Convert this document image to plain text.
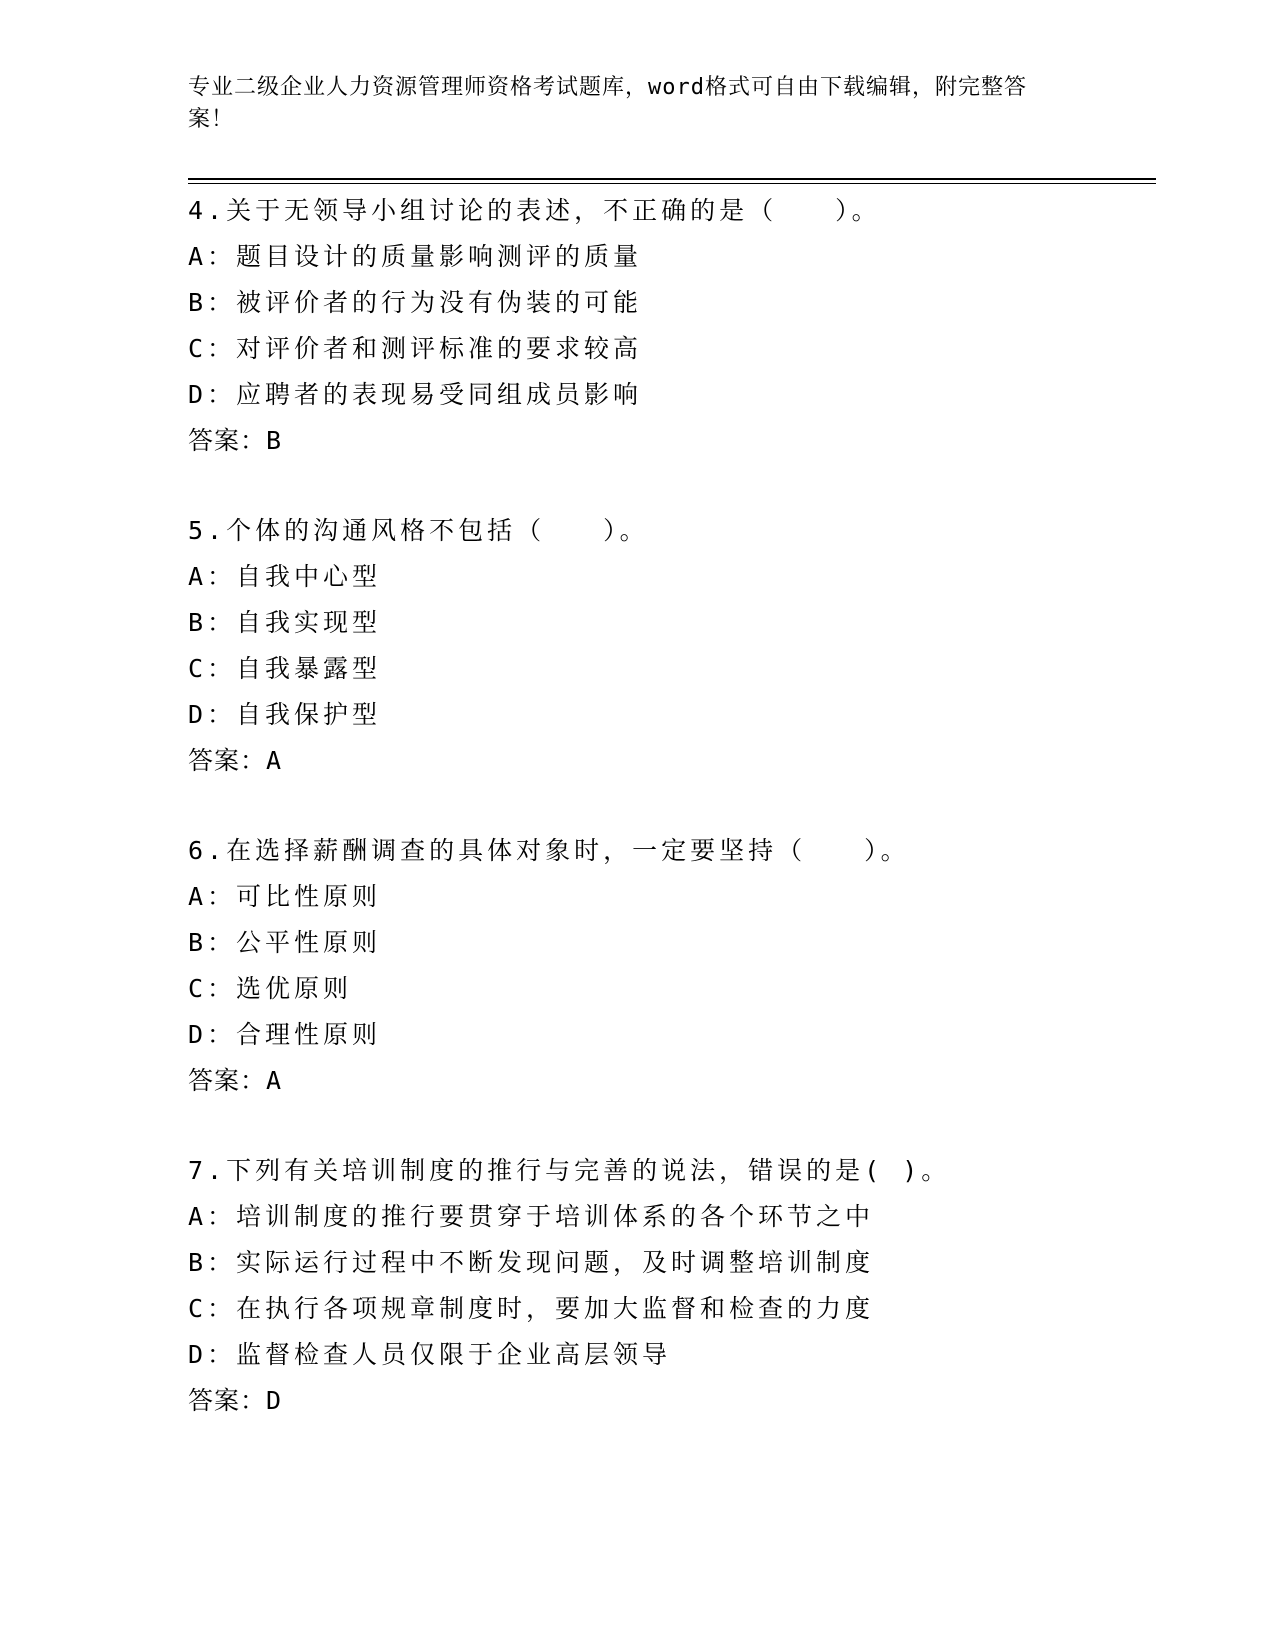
专业二级企业人力资源管理师资格考试题库，word格式可自由下载编辑，附完整答案！
4.关于无领导小组讨论的表述，不正确的是（　　）。
A：题目设计的质量影响测评的质量
B：被评价者的行为没有伪装的可能
C：对评价者和测评标准的要求较高
D：应聘者的表现易受同组成员影响
答案：B
5.个体的沟通风格不包括（　　）。
A：自我中心型
B：自我实现型
C：自我暴露型
D：自我保护型
答案：A
6.在选择薪酬调查的具体对象时，一定要坚持（　　）。
A：可比性原则
B：公平性原则
C：选优原则
D：合理性原则
答案：A
7.下列有关培训制度的推行与完善的说法，错误的是( )。
A：培训制度的推行要贯穿于培训体系的各个环节之中
B：实际运行过程中不断发现问题，及时调整培训制度
C：在执行各项规章制度时，要加大监督和检查的力度
D：监督检查人员仅限于企业高层领导
答案：D
